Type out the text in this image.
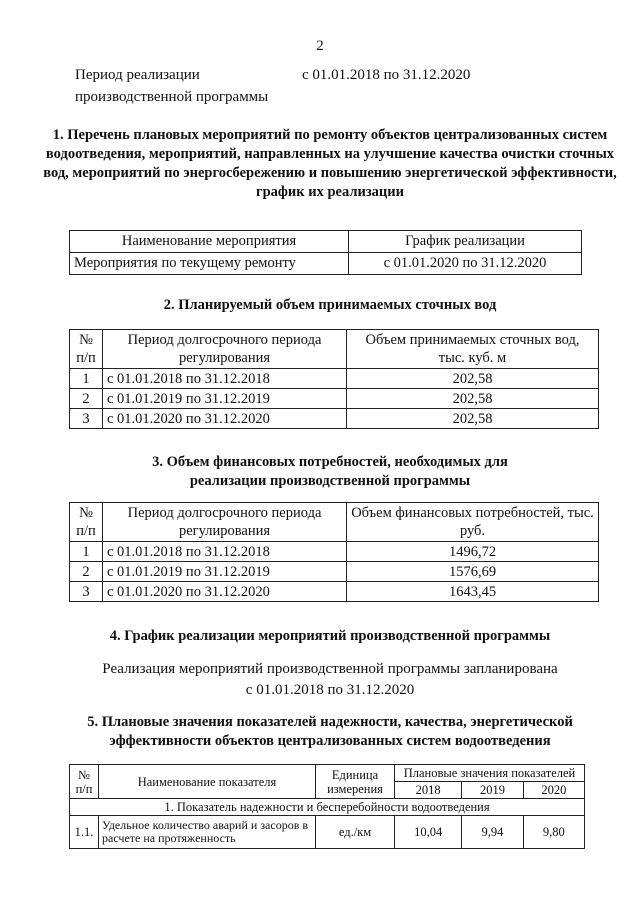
2
Период реализации производственной программы
с 01.01.2018 по 31.12.2020
1. Перечень плановых мероприятий по ремонту объектов централизованных систем водоотведения, мероприятий, направленных на улучшение качества очистки сточных вод, мероприятий по энергосбережению и повышению энергетической эффективности, график их реализации
Наименование мероприятия	График реализации
Мероприятия по текущему ремонту	с 01.01.2020 по 31.12.2020
2. Планируемый объем принимаемых сточных вод
№ п/п	Период долгосрочного периода регулирования	Объем принимаемых сточных вод, тыс. куб. м
1	с 01.01.2018 по 31.12.2018	202,58
2	с 01.01.2019 по 31.12.2019	202,58
3	с 01.01.2020 по 31.12.2020	202,58
3. Объем финансовых потребностей, необходимых для реализации производственной программы
№ п/п	Период долгосрочного периода регулирования	Объем финансовых потребностей, тыс. руб.
1	с 01.01.2018 по 31.12.2018	1496,72
2	с 01.01.2019 по 31.12.2019	1576,69
3	с 01.01.2020 по 31.12.2020	1643,45
4. График реализации мероприятий производственной программы
Реализация мероприятий производственной программы запланирована
с 01.01.2018 по 31.12.2020
5. Плановые значения показателей надежности, качества, энергетической эффективности объектов централизованных систем водоотведения
№ п/п	Наименование показателя	Единица измерения	Плановые значения показателей		
			2018	2019	2020
1. Показатель надежности и бесперебойности водоотведения					
1.1.	Удельное количество аварий и засоров в расчете на протяженность	ед./км	10,04	9,94	9,80
